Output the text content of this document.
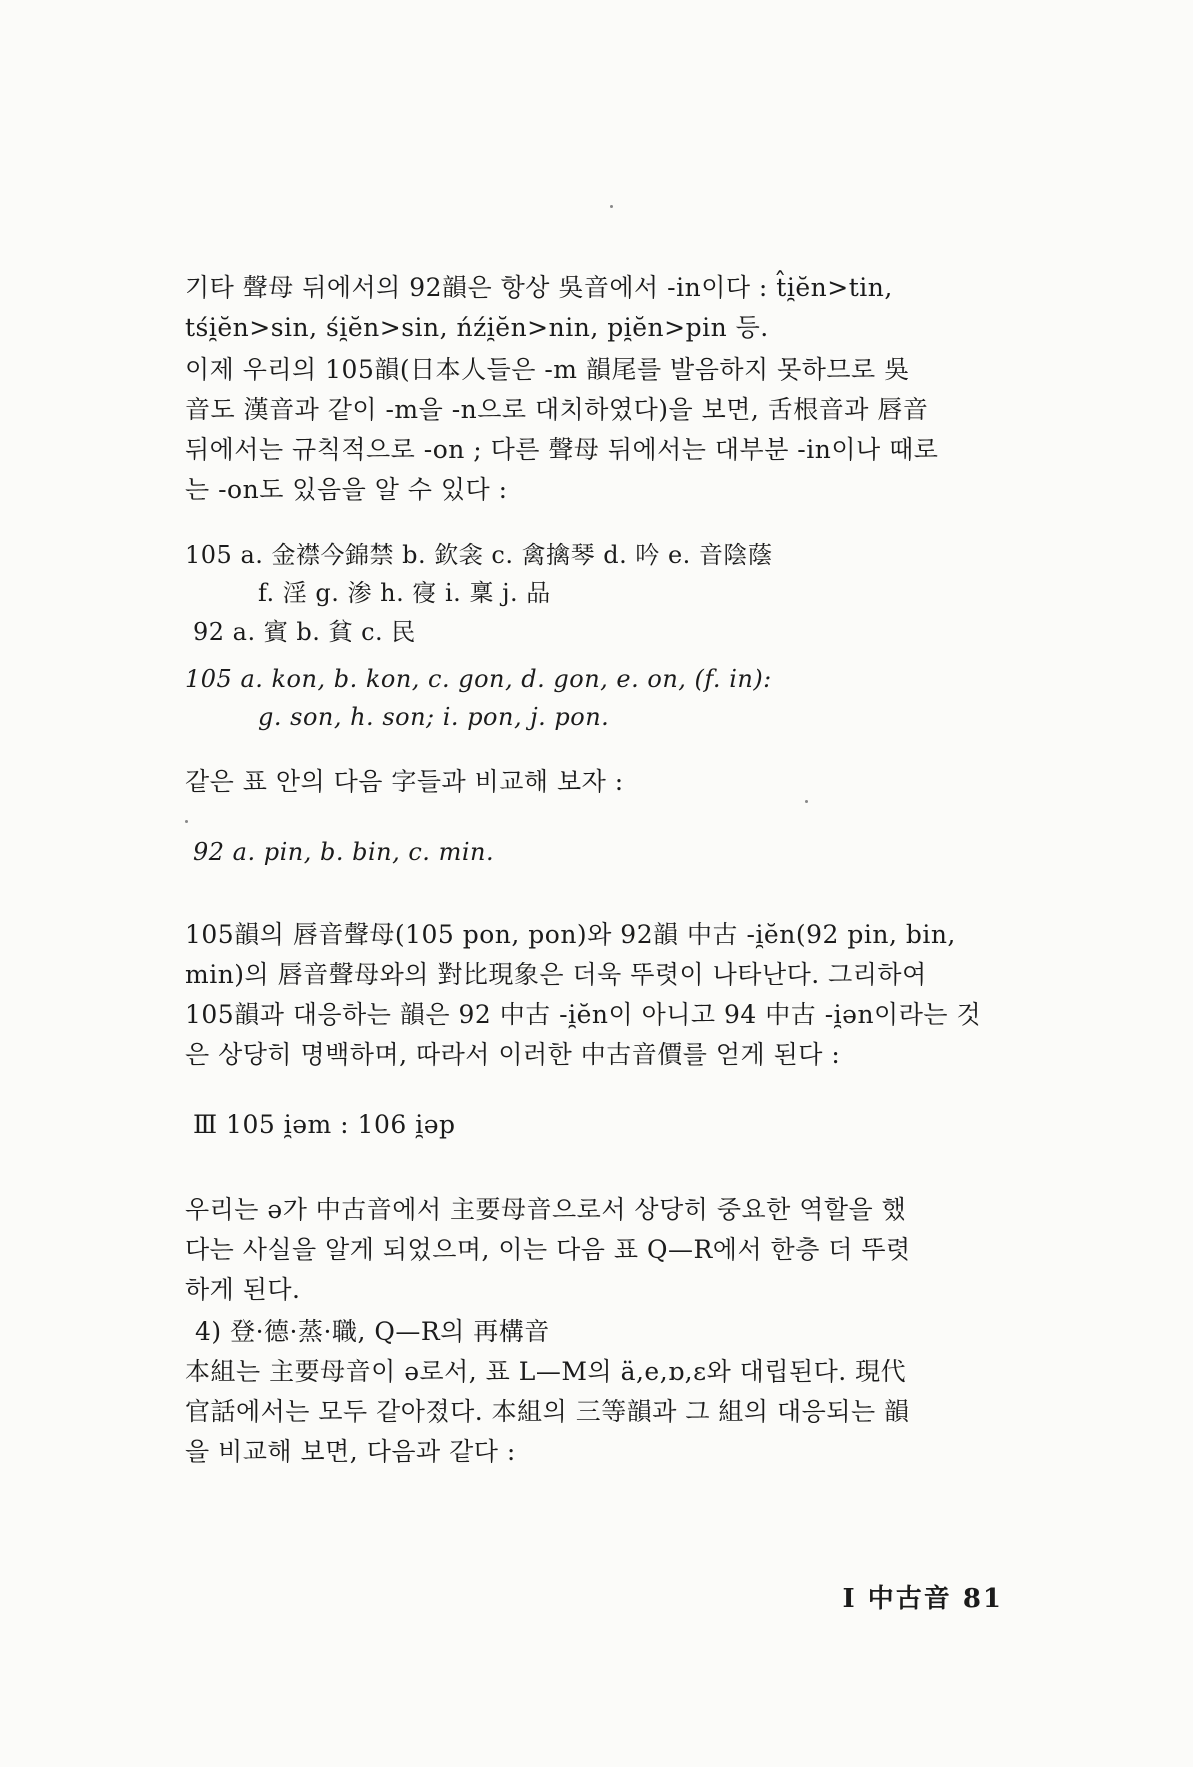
기타 聲母 뒤에서의 92韻은 항상 吳音에서 -in이다 : t̂i̯ĕn>tin,
tśi̯ĕn>sin, śi̯ĕn>sin, ńźi̯ĕn>nin, pi̯ĕn>pin 등.
이제 우리의 105韻(日本人들은 -m 韻尾를 발음하지 못하므로 吳
音도 漢音과 같이 -m을 -n으로 대치하였다)을 보면, 舌根音과 唇音
뒤에서는 규칙적으로 -on ; 다른 聲母 뒤에서는 대부분 -in이나 때로
는 -on도 있음을 알 수 있다 :
105 a. 金襟今錦禁 b. 欽衾 c. 禽擒琴 d. 吟 e. 音陰蔭
f. 淫 g. 渗 h. 寑 i. 稟 j. 品
92 a. 賓 b. 貧 c. 民
105 a. kon, b. kon, c. gon, d. gon, e. on, (f. in):
g. son, h. son; i. pon, j. pon.
같은 표 안의 다음 字들과 비교해 보자 :
92 a. pin, b. bin, c. min.
105韻의 唇音聲母(105 pon, pon)와 92韻 中古 -i̯ĕn(92 pin, bin,
min)의 唇音聲母와의 對比現象은 더욱 뚜렷이 나타난다. 그리하여
105韻과 대응하는 韻은 92 中古 -i̯ĕn이 아니고 94 中古 -i̯ən이라는 것
은 상당히 명백하며, 따라서 이러한 中古音價를 얻게 된다 :
Ⅲ 105 i̯əm : 106 i̯əp
우리는 ə가 中古音에서 主要母音으로서 상당히 중요한 역할을 했
다는 사실을 알게 되었으며, 이는 다음 표 Q—R에서 한층 더 뚜렷
하게 된다.
4) 登·德·蒸·職, Q—R의 再構音
本組는 主要母音이 ə로서, 표 L—M의 ä,e,ɒ,ɛ와 대립된다. 現代
官話에서는 모두 같아졌다. 本組의 三等韻과 그 組의 대응되는 韻
을 비교해 보면, 다음과 같다 :
I 中古音 81
